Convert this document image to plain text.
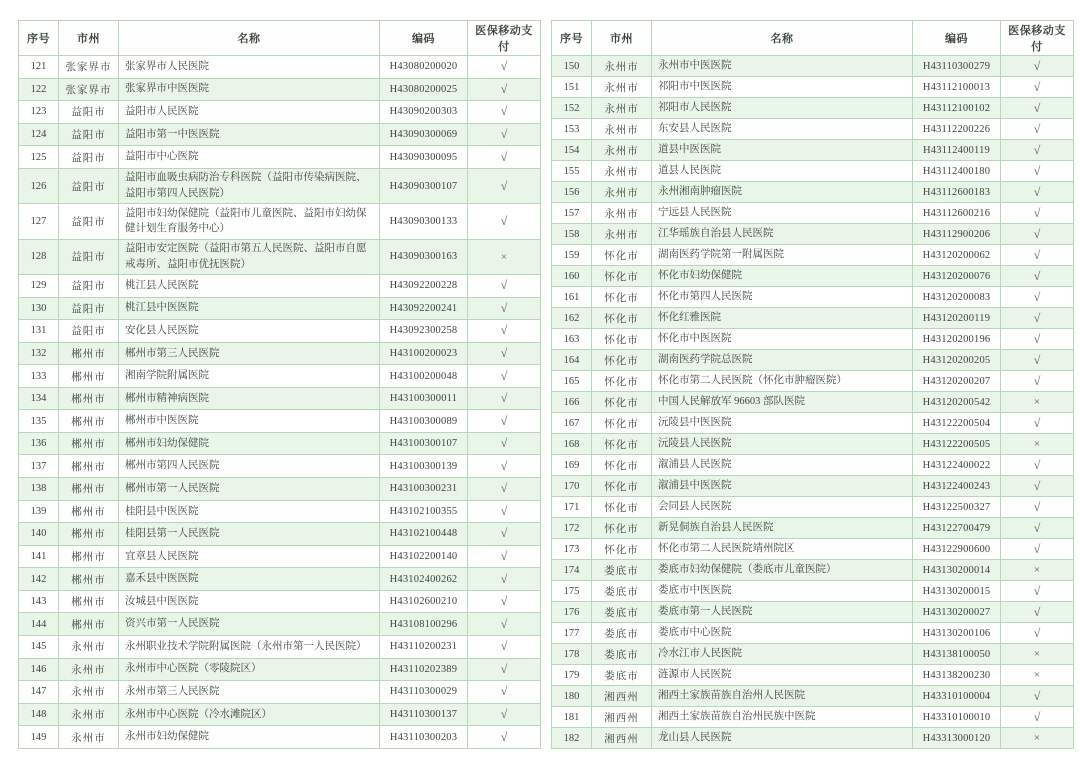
序号	市州	名称	编码	医保移动支付
121	张家界市	张家界市人民医院	H43080200020	√
122	张家界市	张家界市中医医院	H43080200025	√
123	益阳市	益阳市人民医院	H43090200303	√
124	益阳市	益阳市第一中医医院	H43090300069	√
125	益阳市	益阳市中心医院	H43090300095	√
126	益阳市	益阳市血吸虫病防治专科医院（益阳市传染病医院、益阳市第四人民医院）	H43090300107	√
127	益阳市	益阳市妇幼保健院（益阳市儿童医院、益阳市妇幼保健计划生育服务中心）	H43090300133	√
128	益阳市	益阳市安定医院（益阳市第五人民医院、益阳市自愿戒毒所、益阳市优抚医院）	H43090300163	×
129	益阳市	桃江县人民医院	H43092200228	√
130	益阳市	桃江县中医医院	H43092200241	√
131	益阳市	安化县人民医院	H43092300258	√
132	郴州市	郴州市第三人民医院	H43100200023	√
133	郴州市	湘南学院附属医院	H43100200048	√
134	郴州市	郴州市精神病医院	H43100300011	√
135	郴州市	郴州市中医医院	H43100300089	√
136	郴州市	郴州市妇幼保健院	H43100300107	√
137	郴州市	郴州市第四人民医院	H43100300139	√
138	郴州市	郴州市第一人民医院	H43100300231	√
139	郴州市	桂阳县中医医院	H43102100355	√
140	郴州市	桂阳县第一人民医院	H43102100448	√
141	郴州市	宜章县人民医院	H43102200140	√
142	郴州市	嘉禾县中医医院	H43102400262	√
143	郴州市	汝城县中医医院	H43102600210	√
144	郴州市	资兴市第一人民医院	H43108100296	√
145	永州市	永州职业技术学院附属医院（永州市第一人民医院）	H43110200231	√
146	永州市	永州市中心医院（零陵院区）	H43110202389	√
147	永州市	永州市第三人民医院	H43110300029	√
148	永州市	永州市中心医院（冷水滩院区）	H43110300137	√
149	永州市	永州市妇幼保健院	H43110300203	√
序号	市州	名称	编码	医保移动支付
150	永州市	永州市中医医院	H43110300279	√
151	永州市	祁阳市中医医院	H43112100013	√
152	永州市	祁阳市人民医院	H43112100102	√
153	永州市	东安县人民医院	H43112200226	√
154	永州市	道县中医医院	H43112400119	√
155	永州市	道县人民医院	H43112400180	√
156	永州市	永州湘南肿瘤医院	H43112600183	√
157	永州市	宁远县人民医院	H43112600216	√
158	永州市	江华瑶族自治县人民医院	H43112900206	√
159	怀化市	湖南医药学院第一附属医院	H43120200062	√
160	怀化市	怀化市妇幼保健院	H43120200076	√
161	怀化市	怀化市第四人民医院	H43120200083	√
162	怀化市	怀化红雅医院	H43120200119	√
163	怀化市	怀化市中医医院	H43120200196	√
164	怀化市	湖南医药学院总医院	H43120200205	√
165	怀化市	怀化市第二人民医院（怀化市肿瘤医院）	H43120200207	√
166	怀化市	中国人民解放军 96603 部队医院	H43120200542	×
167	怀化市	沅陵县中医医院	H43122200504	√
168	怀化市	沅陵县人民医院	H43122200505	×
169	怀化市	溆浦县人民医院	H43122400022	√
170	怀化市	溆浦县中医医院	H43122400243	√
171	怀化市	会同县人民医院	H43122500327	√
172	怀化市	新晃侗族自治县人民医院	H43122700479	√
173	怀化市	怀化市第二人民医院靖州院区	H43122900600	√
174	娄底市	娄底市妇幼保健院（娄底市儿童医院）	H43130200014	×
175	娄底市	娄底市中医医院	H43130200015	√
176	娄底市	娄底市第一人民医院	H43130200027	√
177	娄底市	娄底市中心医院	H43130200106	√
178	娄底市	冷水江市人民医院	H43138100050	×
179	娄底市	涟源市人民医院	H43138200230	×
180	湘西州	湘西土家族苗族自治州人民医院	H43310100004	√
181	湘西州	湘西土家族苗族自治州民族中医院	H43310100010	√
182	湘西州	龙山县人民医院	H43313000120	×
